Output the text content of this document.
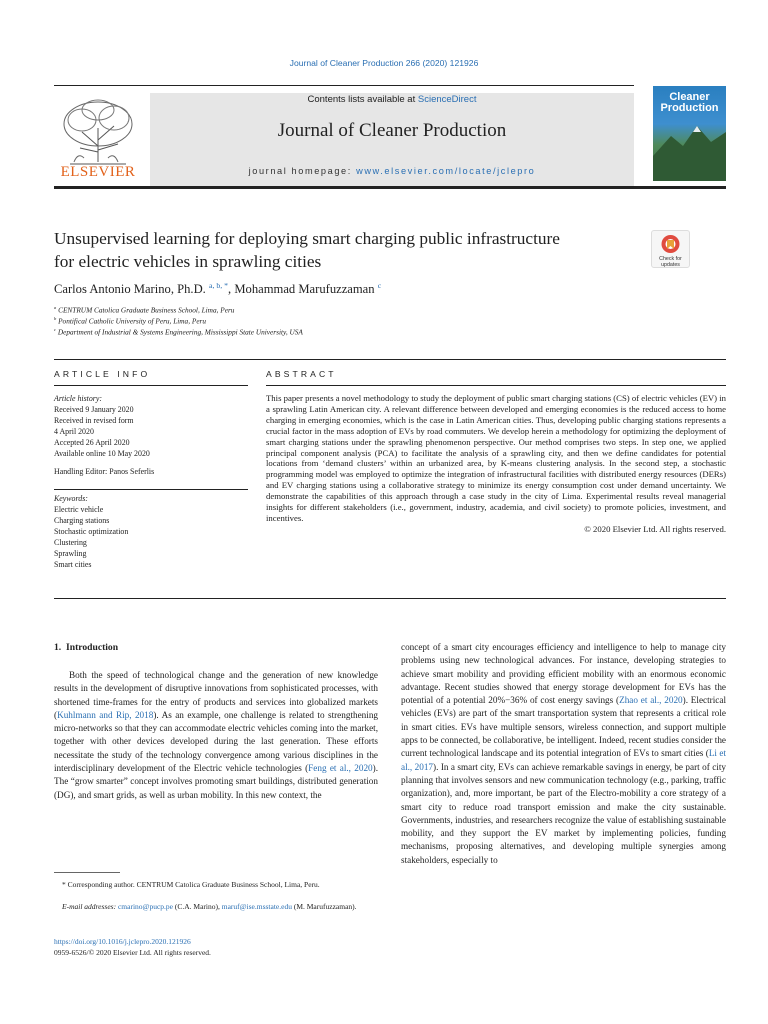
Journal of Cleaner Production 266 (2020) 121926
ELSEVIER
Contents lists available at ScienceDirect
Journal of Cleaner Production
journal homepage: www.elsevier.com/locate/jclepro
Cleaner Production
Unsupervised learning for deploying smart charging public infrastructure for electric vehicles in sprawling cities	Check for updates
Carlos Antonio Marino, Ph.D. $^{a, b, *}$, Mohammad Marufuzzaman $^c$
$^a$ CENTRUM Catolica Graduate Business School, Lima, Peru
$^b$ Pontifical Catholic University of Peru, Lima, Peru
$^c$ Department of Industrial & Systems Engineering, Mississippi State University, USA
ARTICLE INFO	ABSTRACT
Article history:
Received 9 January 2020
Received in revised form
4 April 2020
Accepted 26 April 2020
Available online 10 May 2020
Handling Editor: Panos Seferlis
Keywords:
Electric vehicle
Charging stations
Stochastic optimization
Clustering
Sprawling
Smart cities
This paper presents a novel methodology to study the deployment of public smart charging stations (CS) of electric vehicles (EV) in a sprawling Latin American city. A relevant difference between developed and emerging economies is the reduced access to home charging in emerging economies, which is the case in Latin American cities. Thus, developing public charging stations represents a crucial factor in the mass adoption of EVs by road commuters. We develop herein a methodology for optimizing the deployment of smart charging stations under the sprawling phenomenon perspective. Our method comprises two steps. In step one, we applied principal component analysis (PCA) to facilitate the analysis of a sprawling city, and then we define candidates for potential locations from ‘demand clusters’ within an urbanized area, by K-means clustering analysis. In the second step, a stochastic programming model was employed to optimize the integration of infrastructural facilities with distributed energy resources (DERs) and EV charging stations using a collaborative strategy to minimize its energy consumption cost under demand uncertainty. We demonstrate the capabilities of this approach through a case study in the city of Lima. Experimental results reveal managerial insights for different stakeholders (i.e., government, industry, academia, and civil society) to promote policies, investment, and incentives.
© 2020 Elsevier Ltd. All rights reserved.
1. Introduction
Both the speed of technological change and the generation of new knowledge results in the development of disruptive innovations from sophisticated processes, with shortened time-frames for the entry of products and services into globalized markets (Kuhlmann and Rip, 2018). As an example, one challenge is related to strengthening micro-networks so that they can accommodate electric vehicles coming into the market, together with other devices developed during the last generation. These efforts necessitate the study of the technology convergence among various disciplines in the interdisciplinary development of the Electric vehicle technologies (Feng et al., 2020). The “grow smarter” concept involves promoting smart buildings, distributed generation (DG), and smart grids, as well as urban mobility. In this new context, the
concept of a smart city encourages efficiency and intelligence to help to manage city problems using new technological advances. For instance, developing strategies to achieve smart mobility and providing efficient mobility with an enormous economic advantage. Recent studies showed that energy storage development for EVs has the potential of a potential 20%−36% of cost energy savings (Zhao et al., 2020). Electrical vehicles (EVs) are part of the smart transportation system that represents a critical role in smart cities. EVs have multiple sensors, wireless connection, and support multiple apps to be connected, be collaborative, be intelligent. Indeed, recent studies consider the current technological landscape and its potential integration of EVs to smart cities (Li et al., 2017). In a smart city, EVs can achieve remarkable savings in energy, be part of city planning that involves sensors and new communication technology (e.g., parking, traffic organization), and, more important, be part of the Electro-mobility a core strategy of a smart city to reduce road transport emission and make the city sustainable. Governments, industries, and researchers recognize the value of establishing sustainable mobility, and they support the EV market by implementing policies, funding mechanisms, proposing alternatives, and developing multiple synergies among stakeholders, especially to
* Corresponding author. CENTRUM Catolica Graduate Business School, Lima, Peru.
E-mail addresses: cmarino@pucp.pe (C.A. Marino), maruf@ise.msstate.edu (M. Marufuzzaman).
https://doi.org/10.1016/j.jclepro.2020.121926
0959-6526/© 2020 Elsevier Ltd. All rights reserved.
